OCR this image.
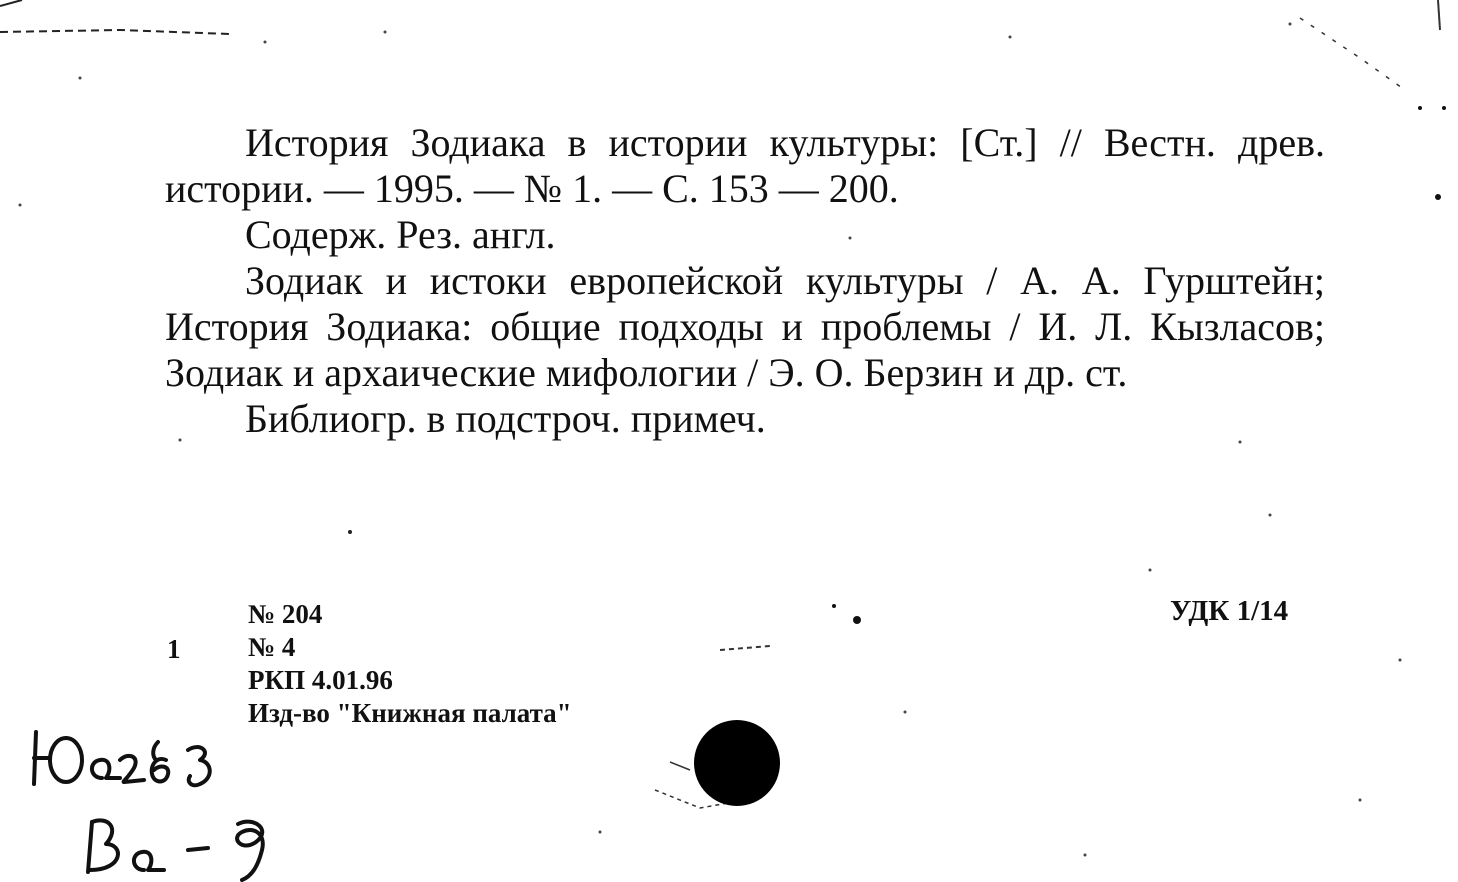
История Зодиака в истории культуры: [Ст.] // Вестн. древ. истории. — 1995. — № 1. — С. 153 — 200.

Содерж. Рез. англ.

Зодиак и истоки европейской культуры / А. А. Гурштейн; История Зодиака: общие подходы и проблемы / И. Л. Кызласов; Зодиак и архаические мифологии / Э. О. Берзин и др. ст.

Библиогр. в подстроч. примеч.

1
№ 204
№ 4
РКП 4.01.96
Изд-во "Книжная палата"
УДК 1/14
